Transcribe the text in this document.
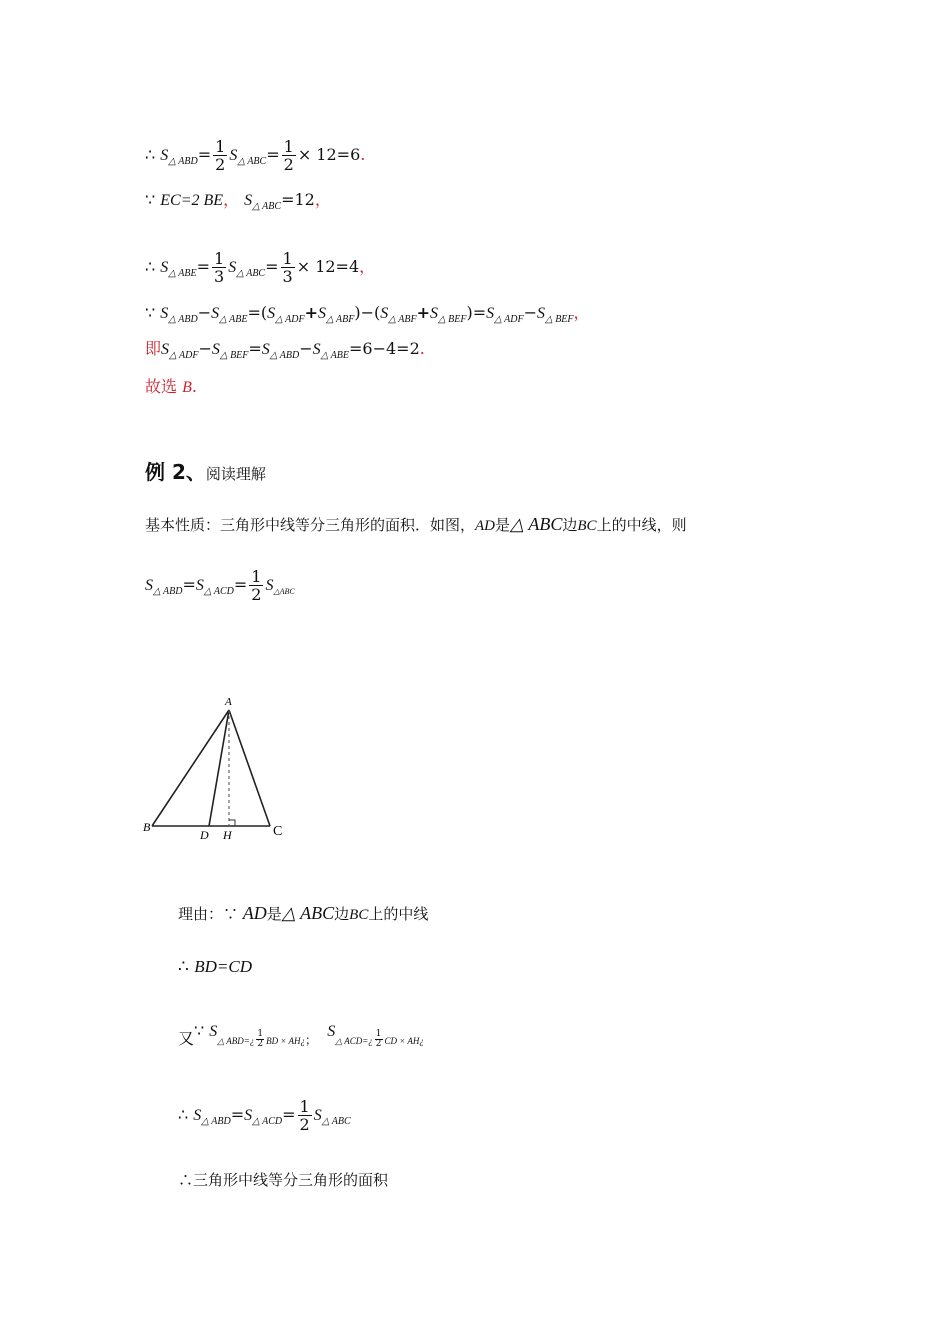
∴ $S_{\triangle ABD}= \frac{1}{2} S_{\triangle ABC}= \frac{1}{2} \times 12=6$.
∵ EC=2 BE， $S_{\triangle ABC}=12$，
∴ $S_{\triangle ABE}= \frac{1}{3} S_{\triangle ABC}= \frac{1}{3} \times 12=4$，
∵ $S_{\triangle ABD}-S_{\triangle ABE}=(S_{\triangle ADF}+S_{\triangle ABF})-(S_{\triangle ABF}+S_{\triangle BEF})=S_{\triangle ADF}-S_{\triangle BEF}$，
即$S_{\triangle ADF}-S_{\triangle BEF}=S_{\triangle ABD}-S_{\triangle ABE}=6-4=2$.
故选 B.
例 2、阅读理解
基本性质：三角形中线等分三角形的面积．如图，AD是△ ABC边BC上的中线，则
$S_{\triangle ABD}=S_{\triangle ACD}= \frac{1}{2} S_{\triangle ABC}$
A
B	C
D H
理由：∵ AD是△ ABC边BC上的中线
∴ BD=CD
又∵ S△ ABD=¿ $\frac{1}{2}$ BD × AH¿； S△ ACD=¿ $\frac{1}{2}$ CD × AH¿
∴ $S_{\triangle ABD}=S_{\triangle ACD}= \frac{1}{2} S_{\triangle ABC}$
∴三角形中线等分三角形的面积
